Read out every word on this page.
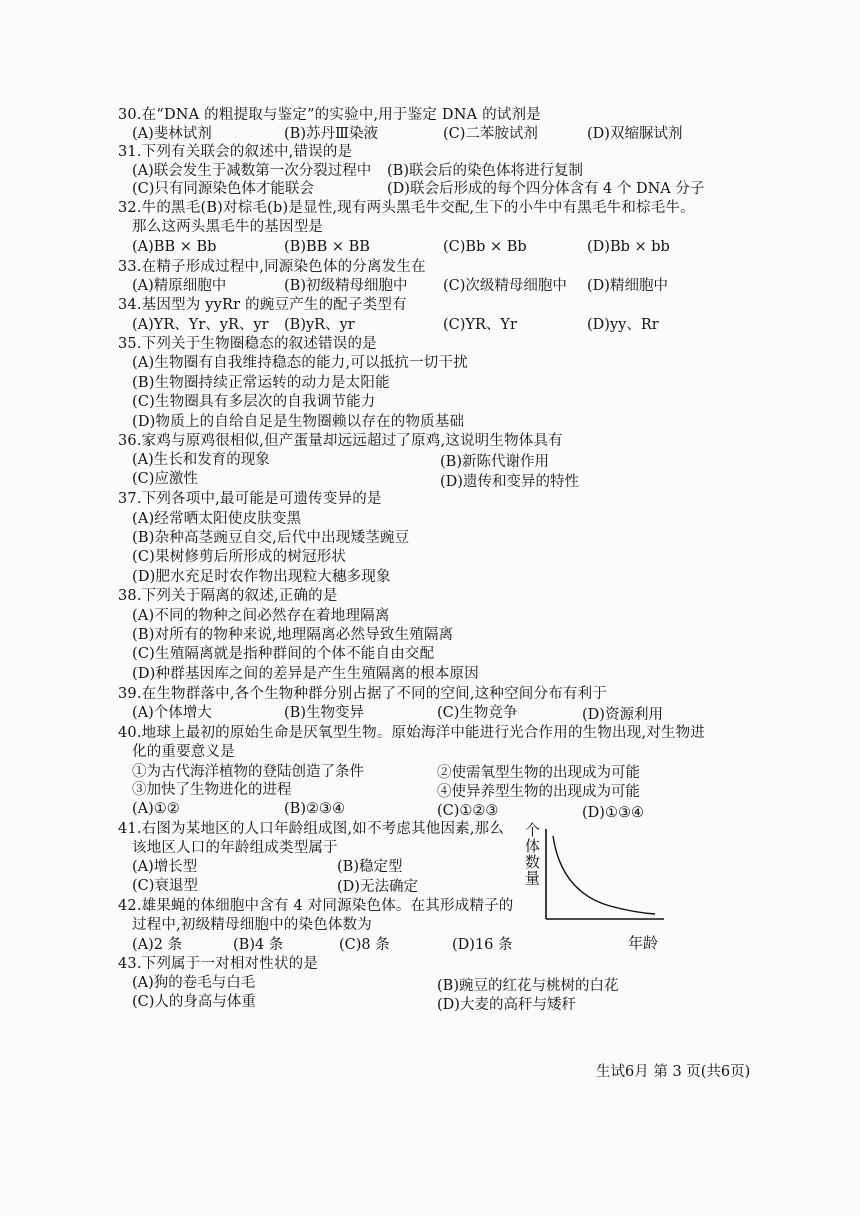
30.在“DNA 的粗提取与鉴定”的实验中,用于鉴定 DNA 的试剂是
(A)斐林试剂	(B)苏丹Ⅲ染液	(C)二苯胺试剂	(D)双缩脲试剂
31.下列有关联会的叙述中,错误的是
(A)联会发生于减数第一次分裂过程中 (B)联会后的染色体将进行复制
(C)只有同源染色体才能联会	(D)联会后形成的每个四分体含有 4 个 DNA 分子
32.牛的黑毛(B)对棕毛(b)是显性,现有两头黑毛牛交配,生下的小牛中有黑毛牛和棕毛牛。
那么这两头黑毛牛的基因型是
(A)BB × Bb	(B)BB × BB	(C)Bb × Bb	(D)Bb × bb
33.在精子形成过程中,同源染色体的分离发生在
(A)精原细胞中	(B)初级精母细胞中 (C)次级精母细胞中 (D)精细胞中
34.基因型为 yyRr 的豌豆产生的配子类型有
(A)YR、Yr、yR、yr (B)yR、yr	(C)YR、Yr	(D)yy、Rr
35.下列关于生物圈稳态的叙述错误的是
(A)生物圈有自我维持稳态的能力,可以抵抗一切干扰
(B)生物圈持续正常运转的动力是太阳能
(C)生物圈具有多层次的自我调节能力
(D)物质上的自给自足是生物圈赖以存在的物质基础
36.家鸡与原鸡很相似,但产蛋量却远远超过了原鸡,这说明生物体具有
(A)生长和发育的现象	(B)新陈代谢作用
(C)应激性	(D)遗传和变异的特性
37.下列各项中,最可能是可遗传变异的是
(A)经常晒太阳使皮肤变黑
(B)杂种高茎豌豆自交,后代中出现矮茎豌豆
(C)果树修剪后所形成的树冠形状
(D)肥水充足时农作物出现粒大穗多现象
38.下列关于隔离的叙述,正确的是
(A)不同的物种之间必然存在着地理隔离
(B)对所有的物种来说,地理隔离必然导致生殖隔离
(C)生殖隔离就是指种群间的个体不能自由交配
(D)种群基因库之间的差异是产生生殖隔离的根本原因
39.在生物群落中,各个生物种群分别占据了不同的空间,这种空间分布有利于
(A)个体增大	(B)生物变异	(C)生物竞争	(D)资源利用
40.地球上最初的原始生命是厌氧型生物。原始海洋中能进行光合作用的生物出现,对生物进
化的重要意义是
①为古代海洋植物的登陆创造了条件	②使需氧型生物的出现成为可能
③加快了生物进化的进程	④使异养型生物的出现成为可能
(A)①②	(B)②③④	(C)①②③	(D)①③④
41.右图为某地区的人口年龄组成图,如不考虑其他因素,那么
该地区人口的年龄组成类型属于
(A)增长型	(B)稳定型
(C)衰退型	(D)无法确定
42.雄果蝇的体细胞中含有 4 对同源染色体。在其形成精子的
过程中,初级精母细胞中的染色体数为
(A)2 条	(B)4 条	(C)8 条	(D)16 条
43.下列属于一对相对性状的是
(A)狗的卷毛与白毛	(B)豌豆的红花与桃树的白花
(C)人的身高与体重	(D)大麦的高秆与矮秆
个
体
数
量
年龄
生试6月 第 3 页(共6页)
